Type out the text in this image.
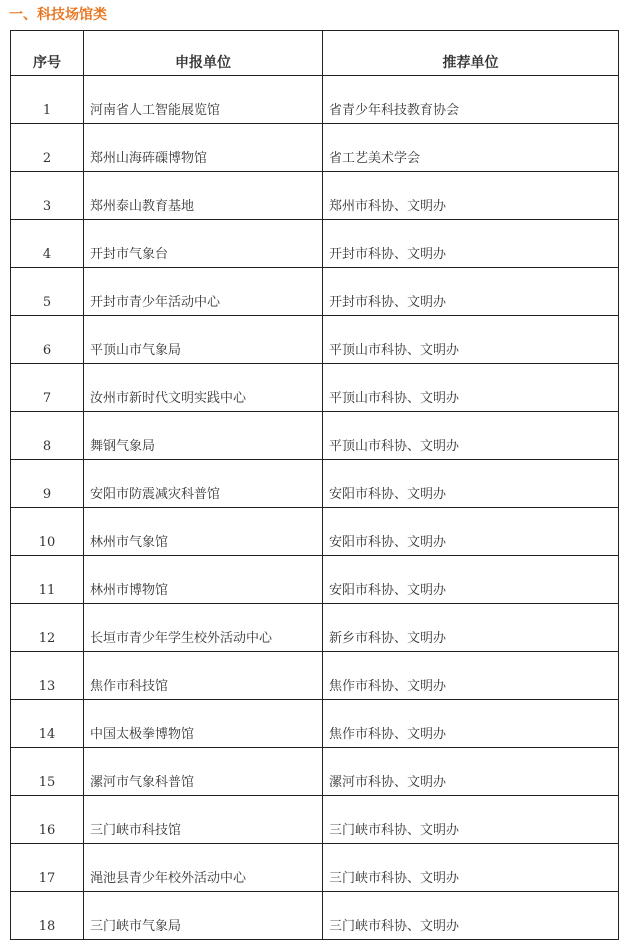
一、科技场馆类
序号	申报单位	推荐单位
1	河南省人工智能展览馆	省青少年科技教育协会
2	郑州山海砗磲博物馆	省工艺美术学会
3	郑州泰山教育基地	郑州市科协、文明办
4	开封市气象台	开封市科协、文明办
5	开封市青少年活动中心	开封市科协、文明办
6	平顶山市气象局	平顶山市科协、文明办
7	汝州市新时代文明实践中心	平顶山市科协、文明办
8	舞钢气象局	平顶山市科协、文明办
9	安阳市防震减灾科普馆	安阳市科协、文明办
10	林州市气象馆	安阳市科协、文明办
11	林州市博物馆	安阳市科协、文明办
12	长垣市青少年学生校外活动中心	新乡市科协、文明办
13	焦作市科技馆	焦作市科协、文明办
14	中国太极拳博物馆	焦作市科协、文明办
15	漯河市气象科普馆	漯河市科协、文明办
16	三门峡市科技馆	三门峡市科协、文明办
17	渑池县青少年校外活动中心	三门峡市科协、文明办
18	三门峡市气象局	三门峡市科协、文明办
